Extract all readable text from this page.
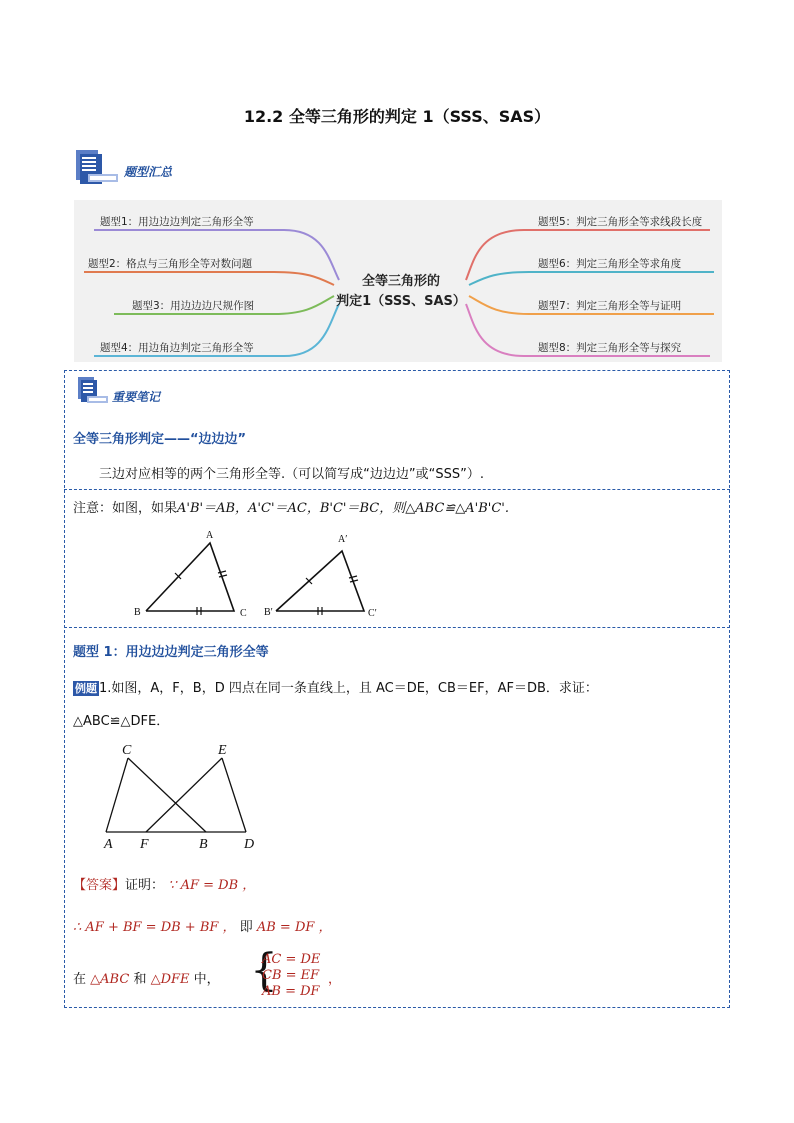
12.2 全等三角形的判定 1（SSS、SAS）
题型汇总
全等三角形的
判定1（SSS、SAS）
题型1：用边边边判定三角形全等
题型2：格点与三角形全等对数问题
题型3：用边边边尺规作图
题型4：用边角边判定三角形全等
题型5：判定三角形全等求线段长度
题型6：判定三角形全等求角度
题型7：判定三角形全等与证明
题型8：判定三角形全等与探究
重要笔记
全等三角形判定——“边边边”
三边对应相等的两个三角形全等.（可以简写成“边边边”或“SSS”）.
注意：如图，如果A'B'＝AB，A'C'＝AC，B'C'＝BC，则△ABC≌△A'B'C'.
A
B	C
A′
B′	C′
题型 1：用边边边判定三角形全等
例题 1.如图，A，F，B，D 四点在同一条直线上，且 AC＝DE，CB＝EF，AF＝DB．求证：
△ABC≌△DFE．
C	E
A F	B	D
【答案】证明： ∵ AF = DB ，
∴ AF + BF = DB + BF ， 即 AB = DF ，
在 △ABC 和 △DFE 中， {
AC = DE
CB = EF
AB = DF
，
